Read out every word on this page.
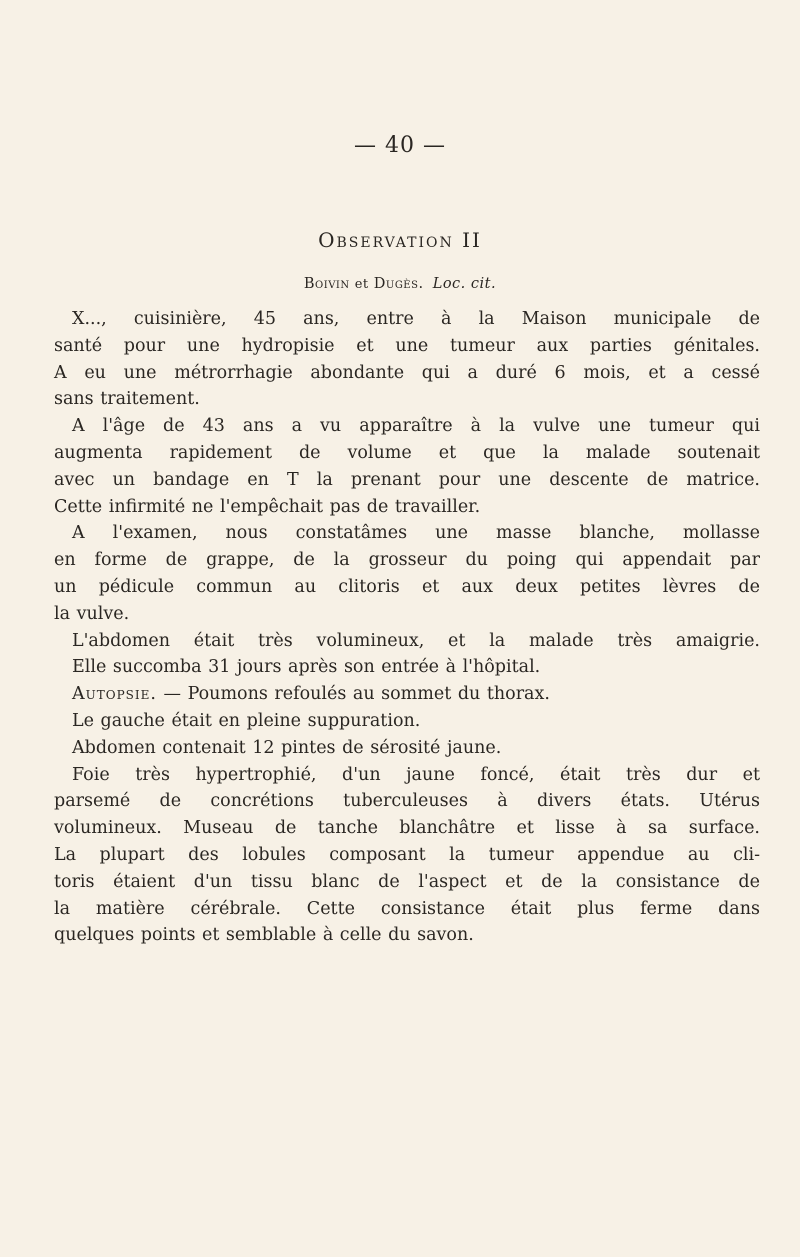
— 40 —
Observation II
Boivin et Dugès. Loc. cit.
X..., cuisinière, 45 ans, entre à la Maison municipale de
santé pour une hydropisie et une tumeur aux parties génitales.
A eu une métrorrhagie abondante qui a duré 6 mois, et a cessé
sans traitement.
A l'âge de 43 ans a vu apparaître à la vulve une tumeur qui
augmenta rapidement de volume et que la malade soutenait
avec un bandage en T la prenant pour une descente de matrice.
Cette infirmité ne l'empêchait pas de travailler.
A l'examen, nous constatâmes une masse blanche, mollasse
en forme de grappe, de la grosseur du poing qui appendait par
un pédicule commun au clitoris et aux deux petites lèvres de
la vulve.
L'abdomen était très volumineux, et la malade très amaigrie.
Elle succomba 31 jours après son entrée à l'hôpital.
Autopsie. — Poumons refoulés au sommet du thorax.
Le gauche était en pleine suppuration.
Abdomen contenait 12 pintes de sérosité jaune.
Foie très hypertrophié, d'un jaune foncé, était très dur et
parsemé de concrétions tuberculeuses à divers états. Utérus
volumineux. Museau de tanche blanchâtre et lisse à sa surface.
La plupart des lobules composant la tumeur appendue au cli-
toris étaient d'un tissu blanc de l'aspect et de la consistance de
la matière cérébrale. Cette consistance était plus ferme dans
quelques points et semblable à celle du savon.
